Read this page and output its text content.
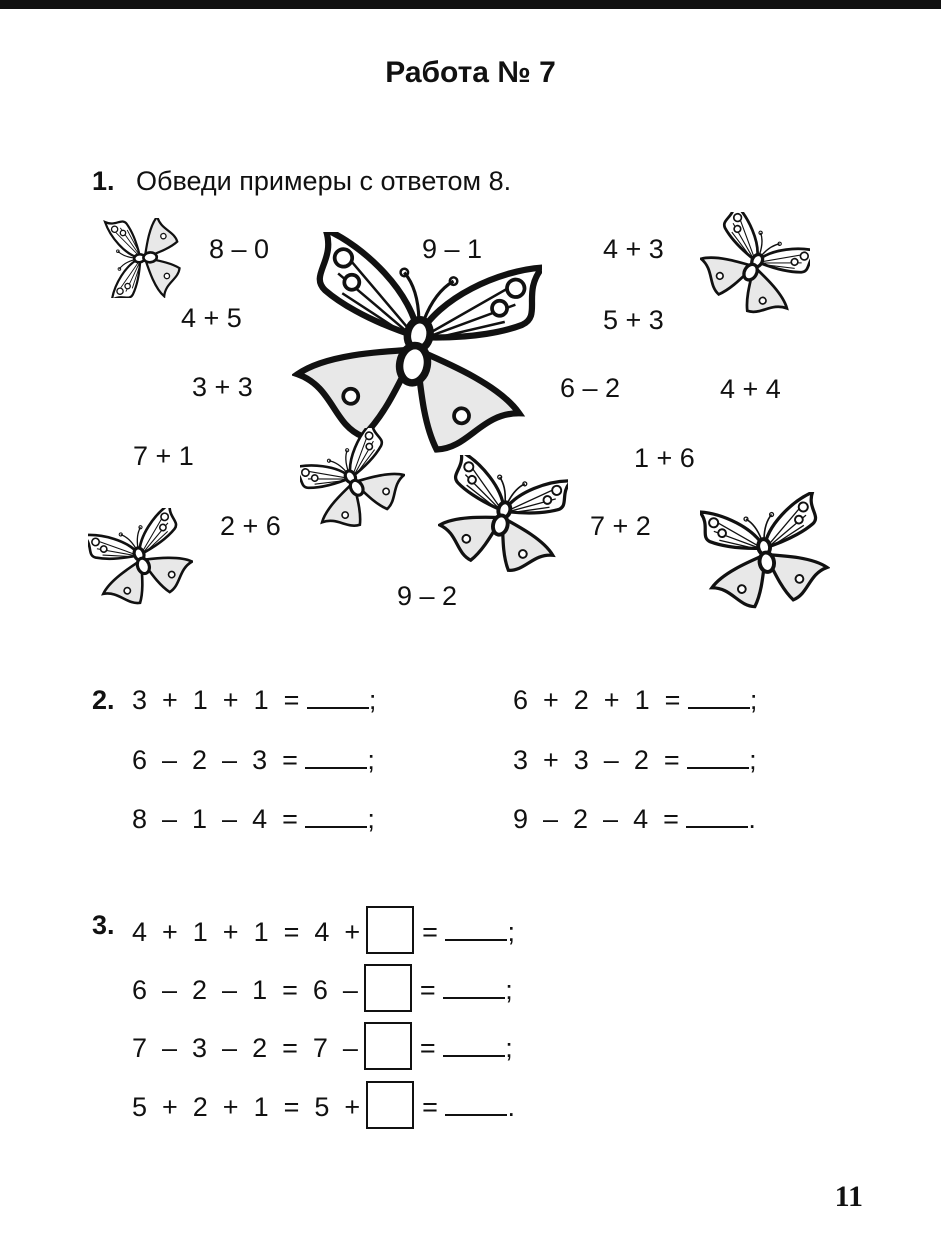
Работа № 7
1. Обведи примеры с ответом 8.
8 – 0	9 – 1	4 + 3
4 + 5	5 + 3
3 + 3	6 – 2	4 + 4
7 + 1	1 + 6
2 + 6	7 + 2
9 – 2
2. 3  +  1  +  1  =	;	6  +  2  +  1  =	;
6  –  2  –  3  =	;	3  +  3  –  2  =	;
8  –  1  –  4  =	;	9  –  2  –  4  =	.
3. 4  +  1  +  1  =  4  + =	;
6  –  2  –  1  =  6  – =	;
7  –  3  –  2  =  7  – =	;
5  +  2  +  1  =  5  + =	.
11
